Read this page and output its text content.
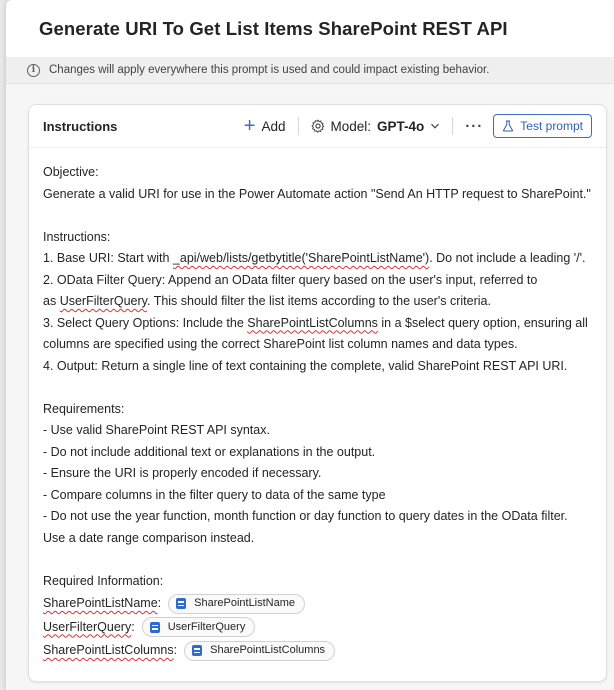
Generate URI To Get List Items SharePoint REST API
i	Changes will apply everywhere this prompt is used and could impact existing behavior.
Instructions	+ Add	Model: GPT-4o	···	Test prompt

Objective:

Generate a valid URI for use in the Power Automate action "Send An HTTP request to SharePoint."

Instructions:

1. Base URI: Start with _api/web/lists/getbytitle('SharePointListName'). Do not include a leading '/'.

2. OData Filter Query: Append an OData filter query based on the user's input, referred to

as UserFilterQuery. This should filter the list items according to the user's criteria.

3. Select Query Options: Include the SharePointListColumns in a $select query option, ensuring all

columns are specified using the correct SharePoint list column names and data types.

4. Output: Return a single line of text containing the complete, valid SharePoint REST API URI.

Requirements:

- Use valid SharePoint REST API syntax.

- Do not include additional text or explanations in the output.

- Ensure the URI is properly encoded if necessary.

- Compare columns in the filter query to data of the same type

- Do not use the year function, month function or day function to query dates in the OData filter.

Use a date range comparison instead.

Required Information:

SharePointListName :	SharePointListName
UserFilterQuery :	UserFilterQuery
SharePointListColumns :	SharePointListColumns
